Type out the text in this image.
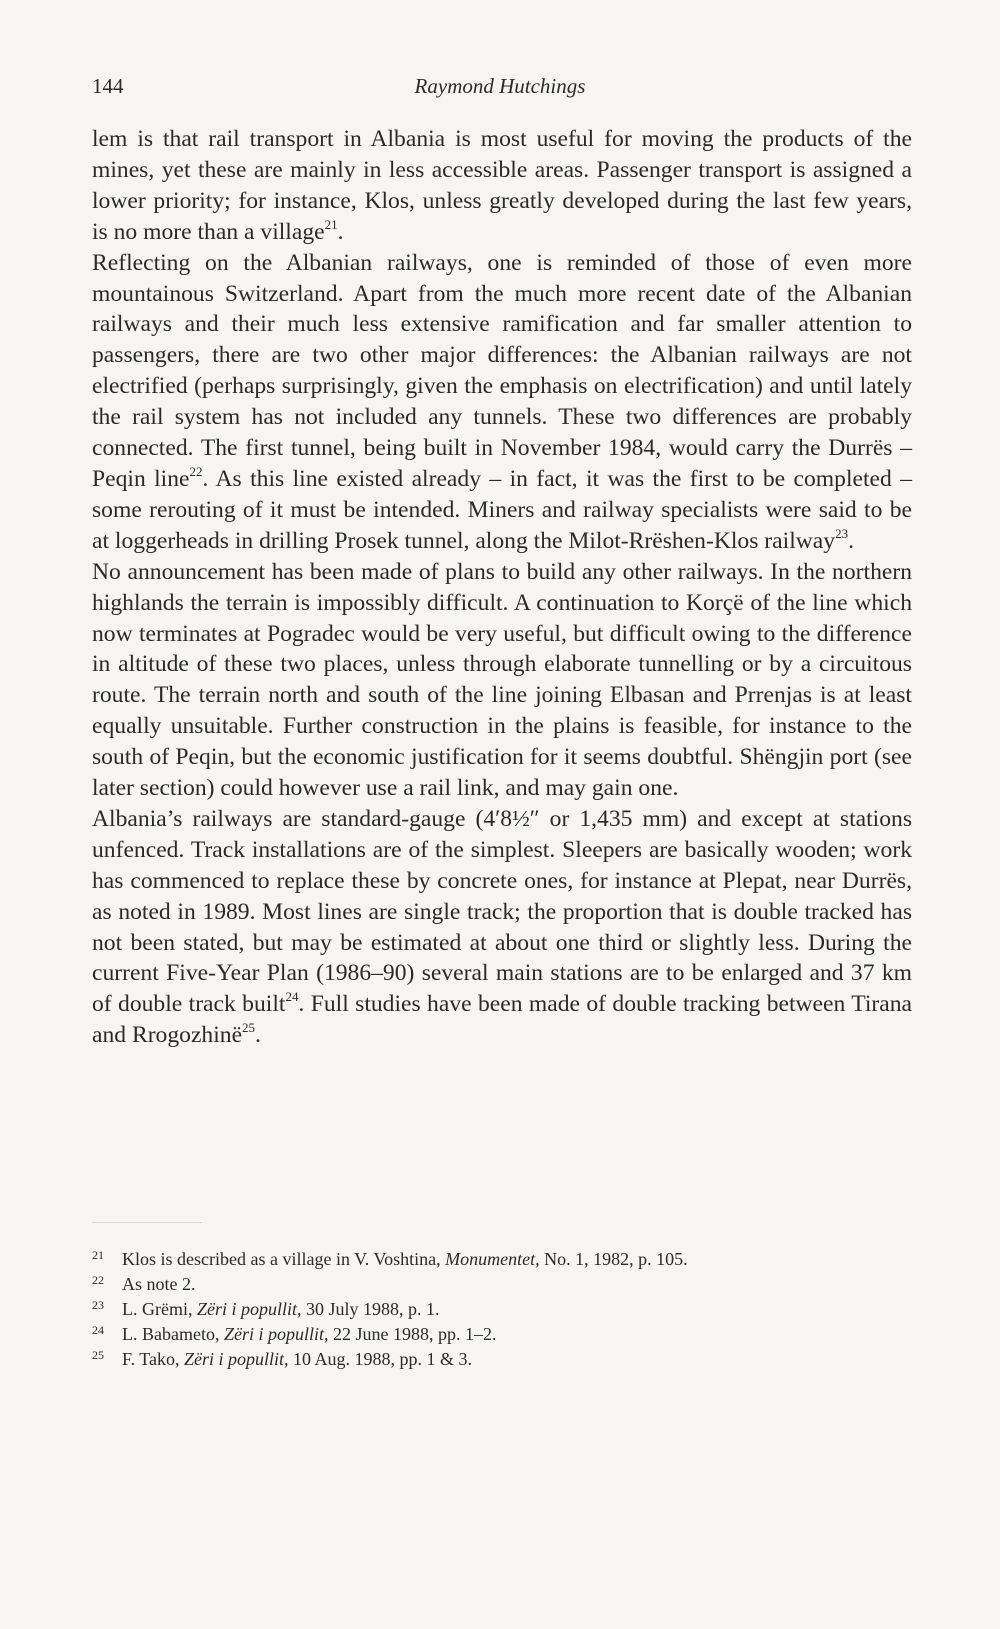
144	Raymond Hutchings

lem is that rail transport in Albania is most useful for moving the products of the mines, yet these are mainly in less accessible areas. Passenger transport is assigned a lower priority; for instance, Klos, unless greatly developed during the last few years, is no more than a village$^{21}$.

Reflecting on the Albanian railways, one is reminded of those of even more mountainous Switzerland. Apart from the much more recent date of the Albanian railways and their much less extensive ramification and far smaller attention to passengers, there are two other major differences: the Albanian railways are not electrified (perhaps surprisingly, given the emphasis on electrification) and until lately the rail system has not included any tunnels. These two differences are probably connected. The first tunnel, being built in November 1984, would carry the Durrës – Peqin line$^{22}$. As this line existed already – in fact, it was the first to be completed – some rerouting of it must be intended. Miners and railway specialists were said to be at loggerheads in drilling Prosek tunnel, along the Milot-Rrëshen-Klos railway$^{23}$.

No announcement has been made of plans to build any other railways. In the northern highlands the terrain is impossibly difficult. A continuation to Korçë of the line which now terminates at Pogradec would be very useful, but difficult owing to the difference in altitude of these two places, unless through elaborate tunnelling or by a circuitous route. The terrain north and south of the line joining Elbasan and Prrenjas is at least equally unsuitable. Further construction in the plains is feasible, for instance to the south of Peqin, but the economic justification for it seems doubtful. Shëngjin port (see later section) could however use a rail link, and may gain one.

Albania’s railways are standard-gauge (4′8½″ or 1,435 mm) and except at stations unfenced. Track installations are of the simplest. Sleepers are basically wooden; work has commenced to replace these by concrete ones, for instance at Plepat, near Durrës, as noted in 1989. Most lines are single track; the proportion that is double tracked has not been stated, but may be estimated at about one third or slightly less. During the current Five-Year Plan (1986–90) several main stations are to be enlarged and 37 km of double track built$^{24}$. Full studies have been made of double tracking between Tirana and Rrogozhinë$^{25}$.

21	Klos is described as a village in V. Voshtina, Monumentet, No. 1, 1982, p. 105.
22	As note 2.
23	L. Grëmi, Zëri i popullit, 30 July 1988, p. 1.
24	L. Babameto, Zëri i popullit, 22 June 1988, pp. 1–2.
25	F. Tako, Zëri i popullit, 10 Aug. 1988, pp. 1 & 3.
